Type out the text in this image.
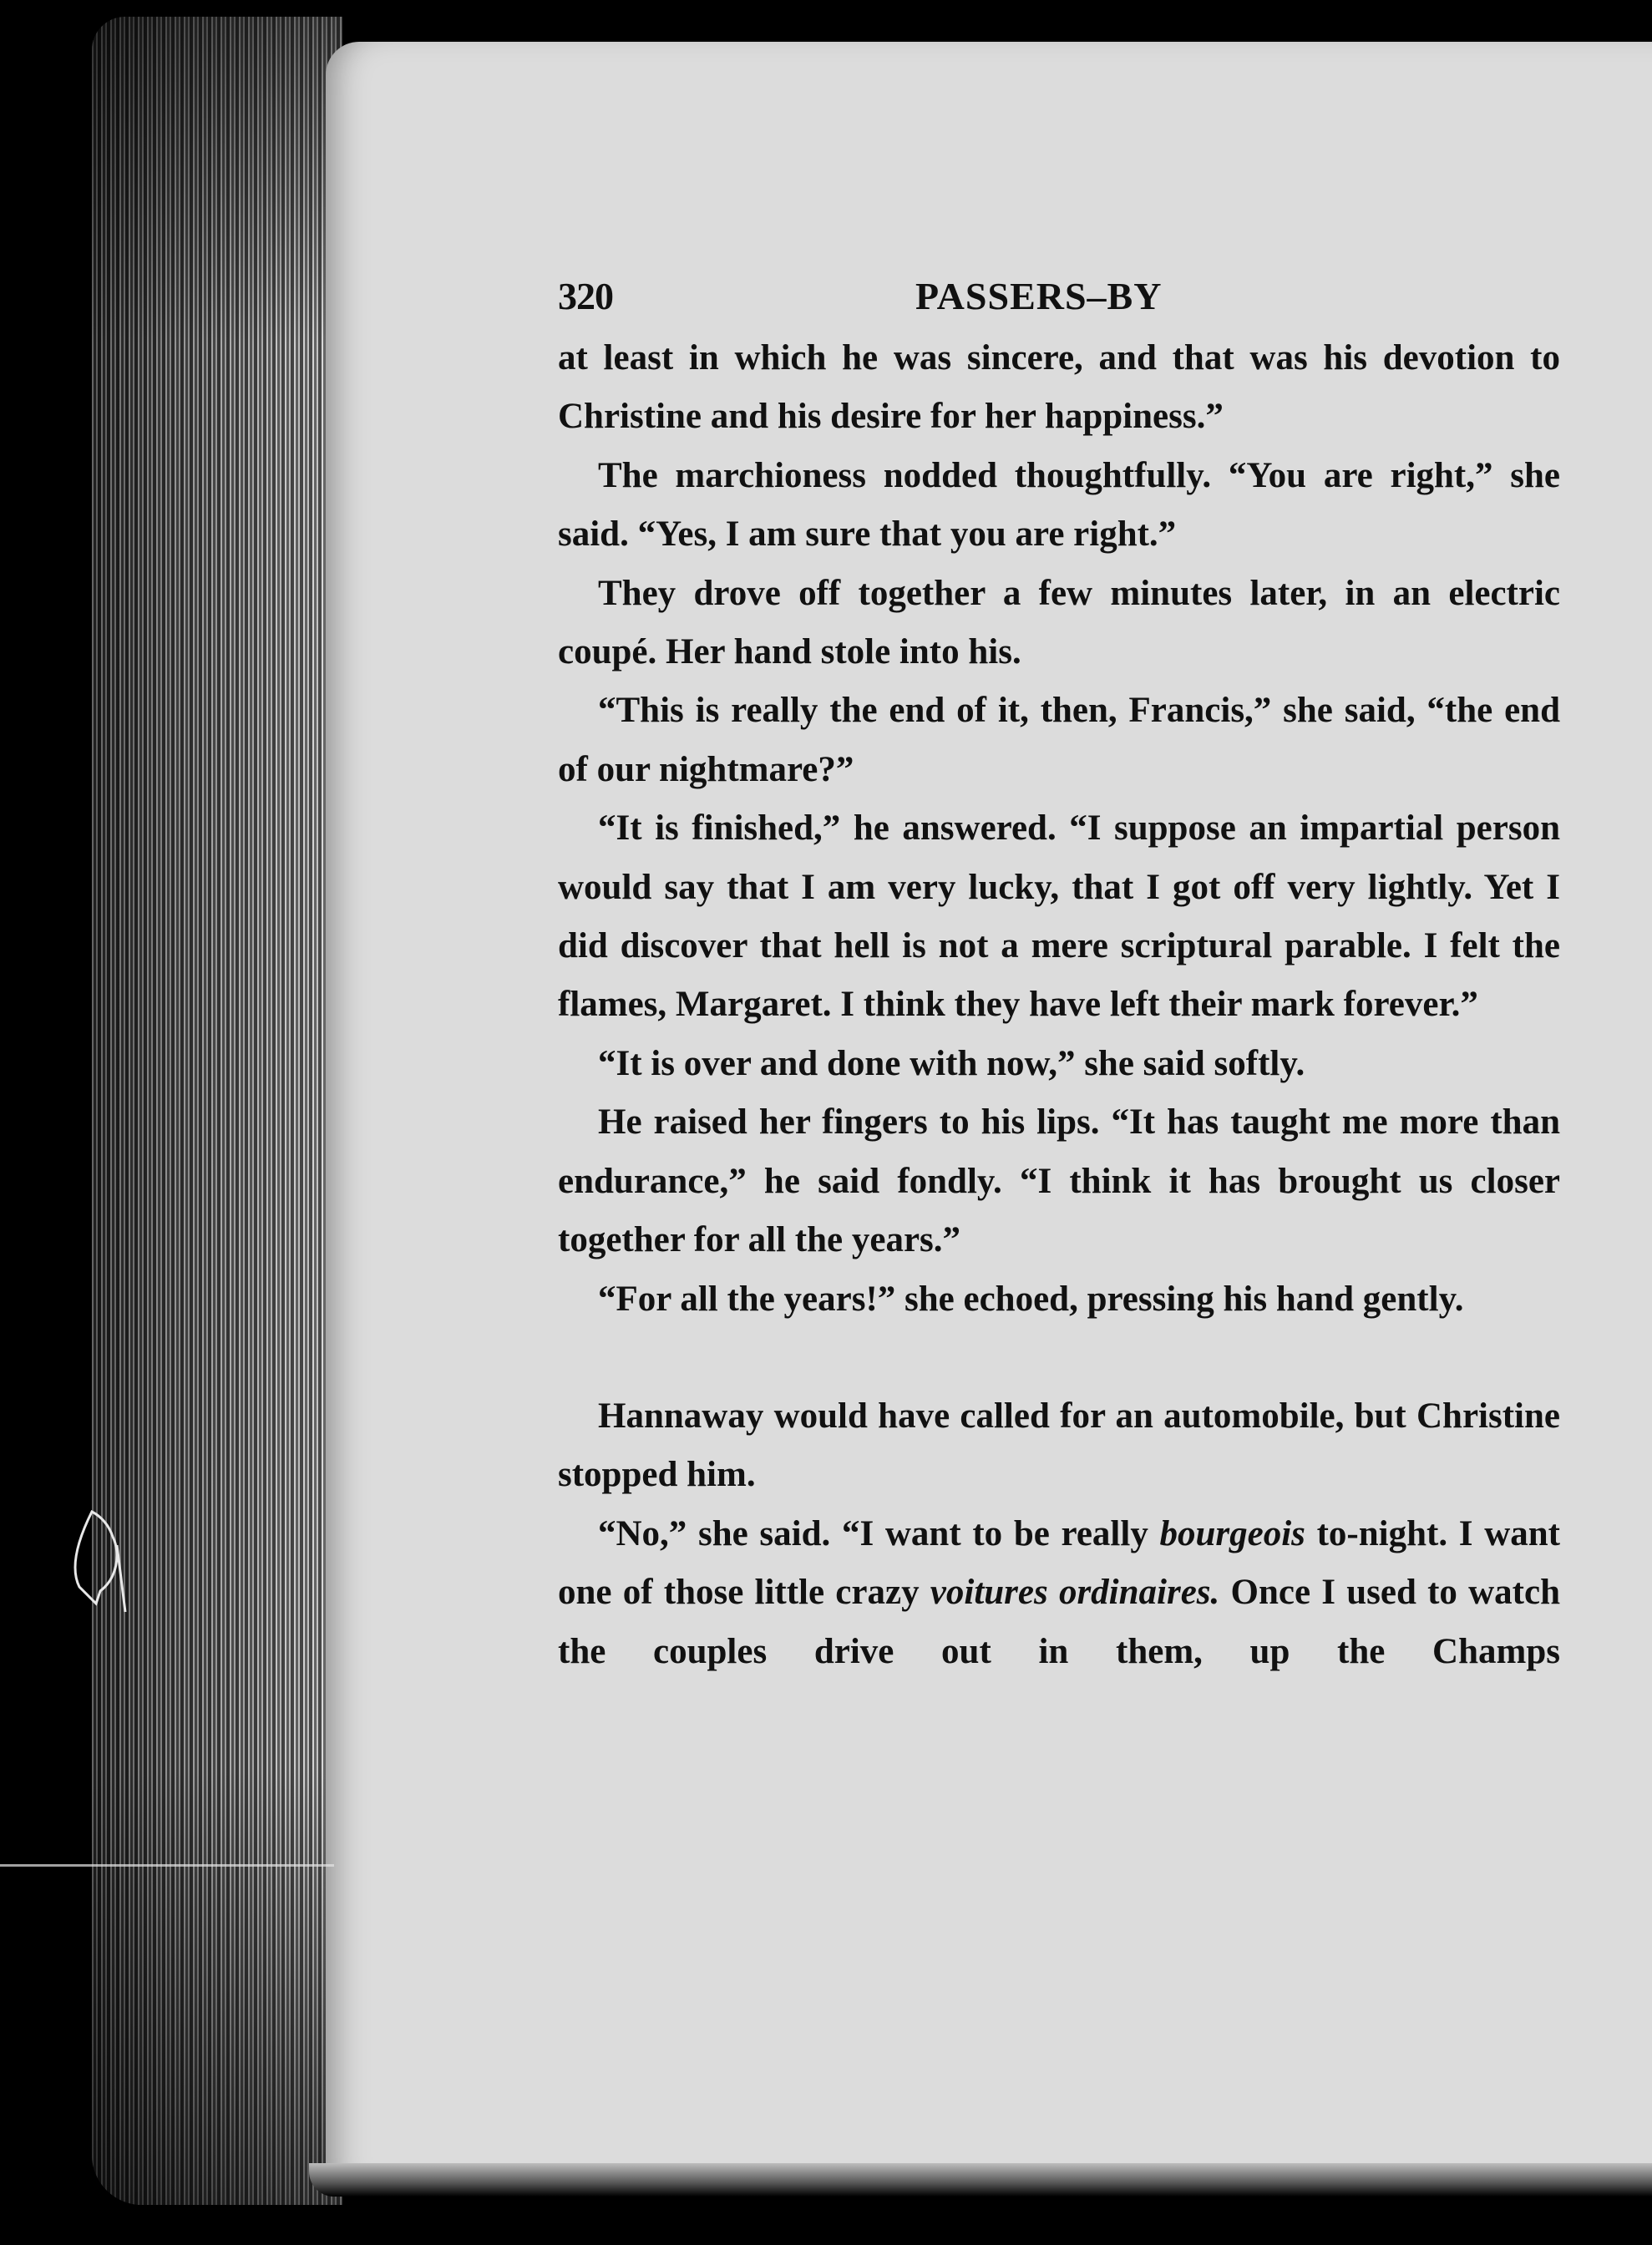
320	PASSERS–BY

at least in which he was sincere, and that was his devotion to Christine and his desire for her happiness.”

The marchioness nodded thoughtfully. “You are right,” she said. “Yes, I am sure that you are right.”

They drove off together a few minutes later, in an electric coupé. Her hand stole into his.

“This is really the end of it, then, Francis,” she said, “the end of our nightmare?”

“It is finished,” he answered. “I suppose an impartial person would say that I am very lucky, that I got off very lightly. Yet I did discover that hell is not a mere scriptural parable. I felt the flames, Margaret. I think they have left their mark forever.”

“It is over and done with now,” she said softly.

He raised her fingers to his lips. “It has taught me more than endurance,” he said fondly. “I think it has brought us closer together for all the years.”

“For all the years!” she echoed, pressing his hand gently.

Hannaway would have called for an automobile, but Christine stopped him.

“No,” she said. “I want to be really bourgeois to-night. I want one of those little crazy voitures ordinaires. Once I used to watch the couples drive out in them, up the Champs
